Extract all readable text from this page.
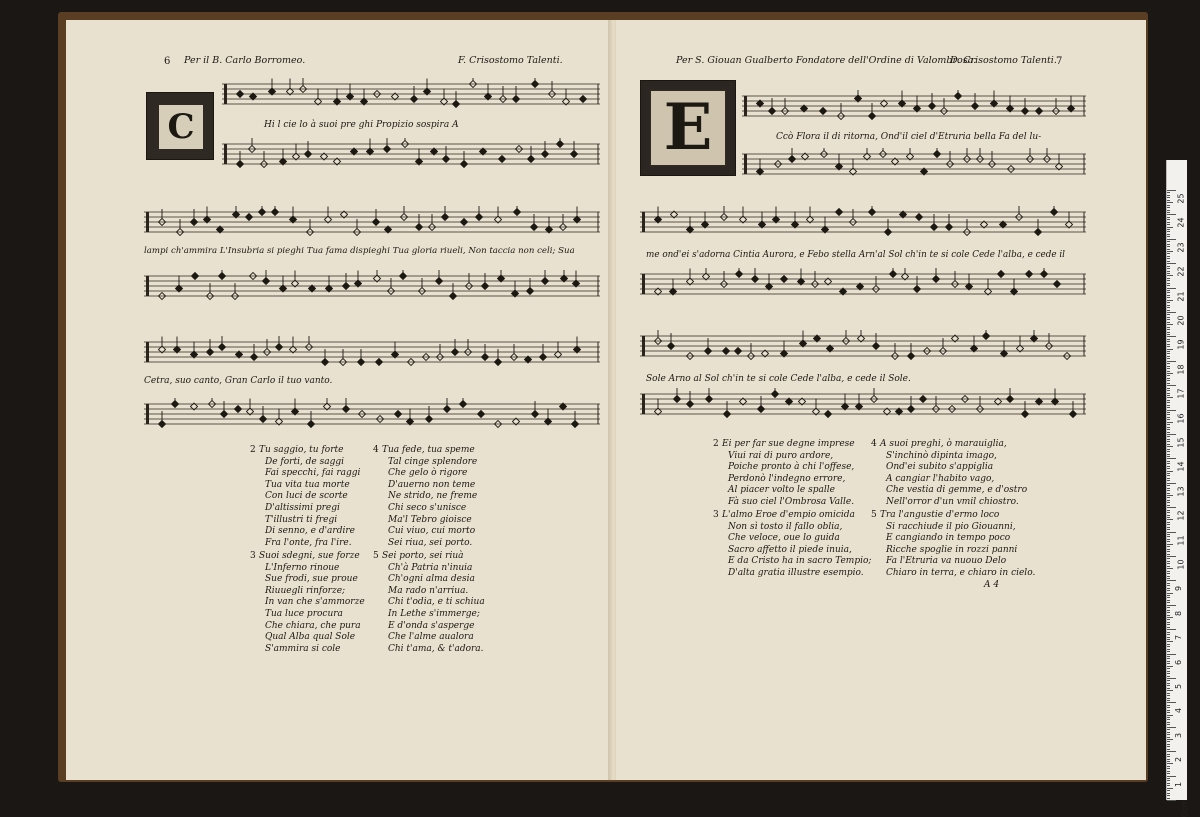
6 Per il B. Carlo Borromeo.	F. Crisostomo Talenti.
C	Hi l cie lo à suoi pre ghi Propizio sospira A
lampi ch'ammira L'Insubria si pieghi Tua fama dispieghi Tua gloria riueli, Non taccia non celi; Sua
Cetra, suo canto, Gran Carlo il tuo vanto.
2 Tu saggio, tu forte
De forti, de saggi
Fai specchi, fai raggi
Tua vita tua morte
Con luci de scorte
D'altissimi pregi
T'illustri ti fregi
Di senno, e d'ardire
Fra l'onte, fra l'ire.
3 Suoi sdegni, sue forze
L'Inferno rinoue
Sue frodi, sue proue
Riuuegli rinforze;
In van che s'ammorze
Tua luce procura
Che chiara, che pura
Qual Alba qual Sole
S'ammira si cole
4 Tua fede, tua speme
Tal cinge splendore
Che gelo ò rigore
D'auerno non teme
Ne strido, ne freme
Chi seco s'unisce
Ma'l Tebro gioisce
Cui viuo, cui morto
Sei riua, sei porto.
5 Sei porto, sei riuà
Ch'à Patria n'inuia
Ch'ogni alma desia
Ma rado n'arriua.
Chi t'odia, e ti schiua
In Lethe s'immerge;
E d'onda s'asperge
Che l'alme aualora
Chi t'ama, & t'adora.
Per S. Giouan Gualberto Fondatore dell'Ordine di Valombrosa.
D. Crisostomo Talenti. 7
E	Ccò Flora il di ritorna, Ond'il ciel d'Etruria bella Fa del lu-
me ond'ei s'adorna Cintia Aurora, e Febo stella Arn'al Sol ch'in te si cole Cede l'alba, e cede il
Sole Arno al Sol ch'in te si cole Cede l'alba, e cede il Sole.
2 Ei per far sue degne imprese
Viui rai di puro ardore,
Poiche pronto à chi l'offese,
Perdonò l'indegno errore,
Al piacer volto le spalle
Fà suo ciel l'Ombrosa Valle.
3 L'almo Eroe d'empio omicida
Non sì tosto il fallo oblia,
Che veloce, oue lo guida
Sacro affetto il piede inuia,
E da Cristo ha in sacro Tempio;
D'alta gratia illustre esempio.
4 A suoi preghi, ò marauiglia,
S'inchinò dipinta imago,
Ond'ei subito s'appiglia
A cangiar l'habito vago,
Che vestia di gemme, e d'ostro
Nell'orror d'un vmil chiostro.
5 Tra l'angustie d'ermo loco
Si racchiude il pio Giouanni,
E cangiando in tempo poco
Ricche spoglie in rozzi panni
Fa l'Etruria va nuouo Delo
Chiaro in terra, e chiaro in cielo.
A 4
25
24
23
22
21
20
19
18
17
16
15
14
13
12
11
10
9
8
7
6
5
4
3
2
1
0cm
